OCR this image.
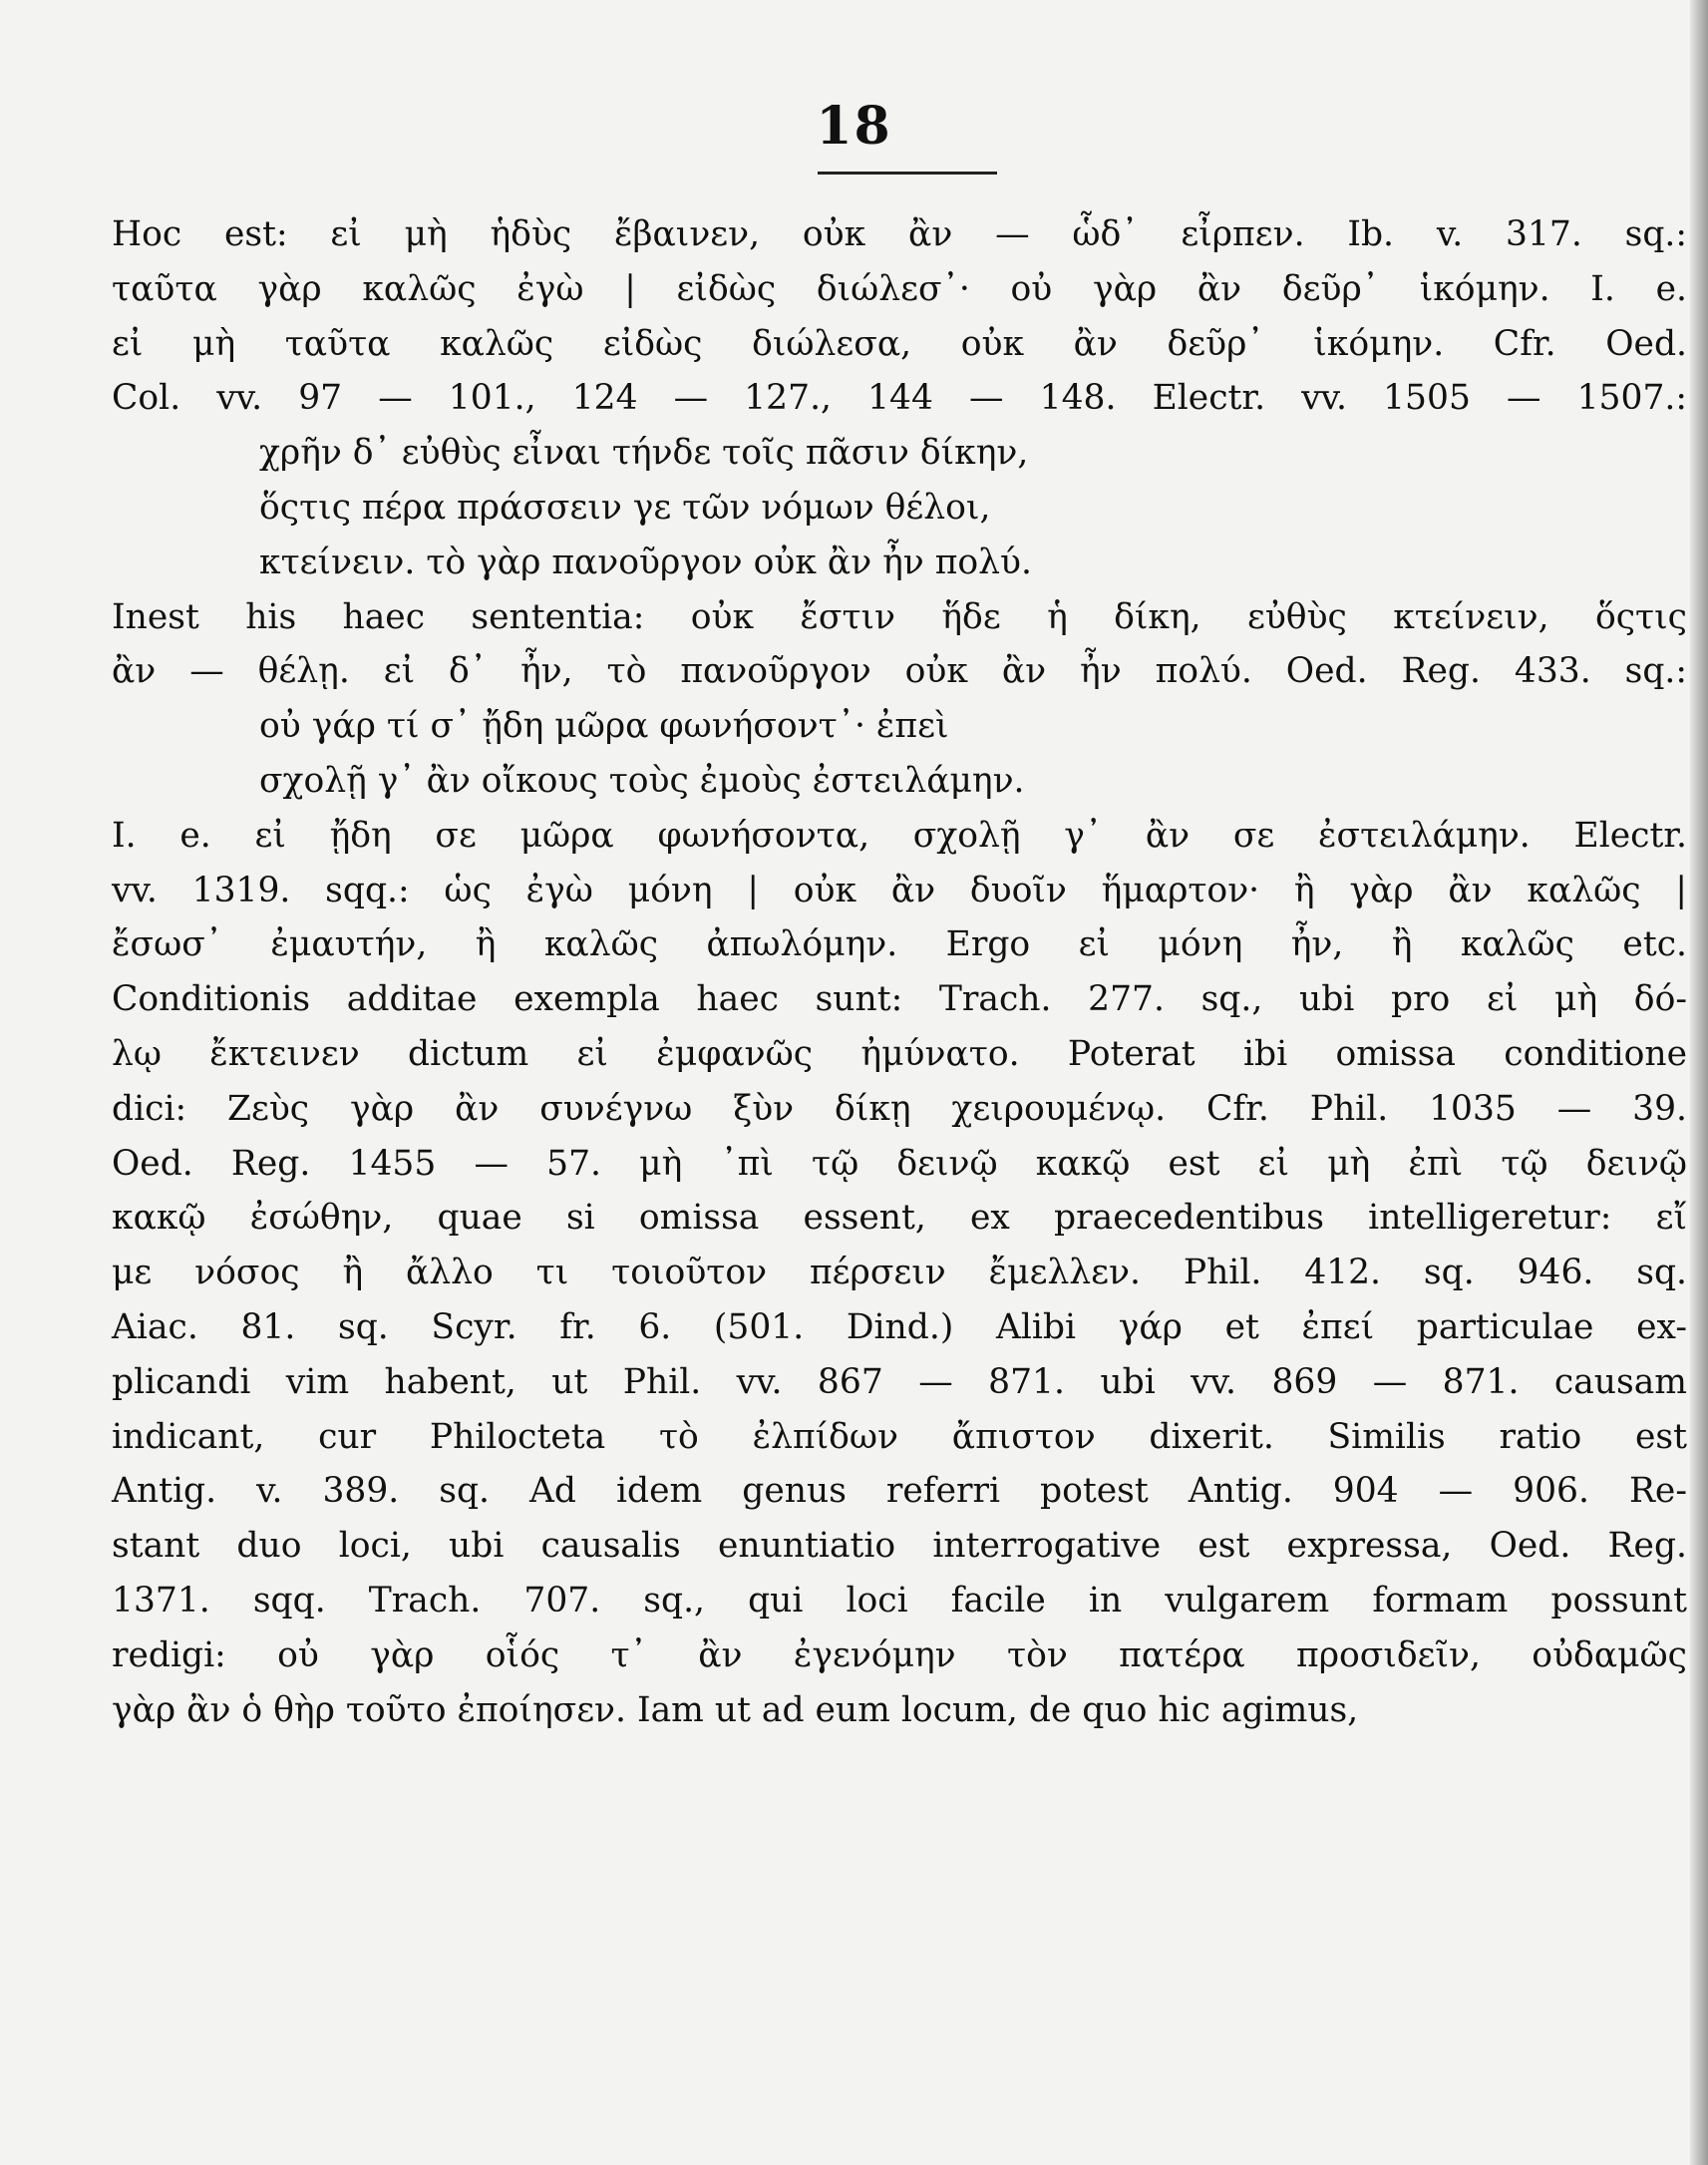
18
Hoc est: εἰ μὴ ἡδὺς ἔβαινεν, οὐκ ἂν — ὧδ᾽ εἶρπεν. Ib. v. 317. sq.:
ταῦτα γὰρ καλῶς ἐγὼ | εἰδὼς διώλεσ᾽· οὐ γὰρ ἂν δεῦρ᾽ ἱκόμην. I. e.
εἰ μὴ ταῦτα καλῶς εἰδὼς διώλεσα, οὐκ ἂν δεῦρ᾽ ἱκόμην. Cfr. Oed.
Col. vv. 97 — 101., 124 — 127., 144 — 148. Electr. vv. 1505 — 1507.:
χρῆν δ᾽ εὐθὺς εἶναι τήνδε τοῖς πᾶσιν δίκην,
ὅςτις πέρα πράσσειν γε τῶν νόμων θέλοι,
κτείνειν. τὸ γὰρ πανοῦργον οὐκ ἂν ἦν πολύ.
Inest his haec sententia: οὐκ ἔστιν ἥδε ἡ δίκη, εὐθὺς κτείνειν, ὅςτις
ἂν — θέλῃ. εἰ δ᾽ ἦν, τὸ πανοῦργον οὐκ ἂν ἦν πολύ. Oed. Reg. 433. sq.:
οὐ γάρ τί σ᾽ ᾔδη μῶρα φωνήσοντ᾽· ἐπεὶ
σχολῇ γ᾽ ἂν οἴκους τοὺς ἐμοὺς ἐστειλάμην.
I. e. εἰ ᾔδη σε μῶρα φωνήσοντα, σχολῇ γ᾽ ἂν σε ἐστειλάμην. Electr.
vv. 1319. sqq.: ὡς ἐγὼ μόνη | οὐκ ἂν δυοῖν ἥμαρτον· ἢ γὰρ ἂν καλῶς |
ἔσωσ᾽ ἐμαυτήν, ἢ καλῶς ἀπωλόμην. Ergo εἰ μόνη ἦν, ἢ καλῶς etc.
Conditionis additae exempla haec sunt: Trach. 277. sq., ubi pro εἰ μὴ δό-
λῳ ἔκτεινεν dictum εἰ ἐμφανῶς ἠμύνατο. Poterat ibi omissa conditione
dici: Ζεὺς γὰρ ἂν συνέγνω ξὺν δίκῃ χειρουμένῳ. Cfr. Phil. 1035 — 39.
Oed. Reg. 1455 — 57. μὴ ᾽πὶ τῷ δεινῷ κακῷ est εἰ μὴ ἐπὶ τῷ δεινῷ
κακῷ ἐσώθην, quae si omissa essent, ex praecedentibus intelligeretur: εἴ
με νόσος ἢ ἄλλο τι τοιοῦτον πέρσειν ἔμελλεν. Phil. 412. sq. 946. sq.
Aiac. 81. sq. Scyr. fr. 6. (501. Dind.) Alibi γάρ et ἐπεί particulae ex-
plicandi vim habent, ut Phil. vv. 867 — 871. ubi vv. 869 — 871. causam
indicant, cur Philocteta τὸ ἐλπίδων ἄπιστον dixerit. Similis ratio est
Antig. v. 389. sq. Ad idem genus referri potest Antig. 904 — 906. Re-
stant duo loci, ubi causalis enuntiatio interrogative est expressa, Oed. Reg.
1371. sqq. Trach. 707. sq., qui loci facile in vulgarem formam possunt
redigi: οὐ γὰρ οἷός τ᾽ ἂν ἐγενόμην τὸν πατέρα προσιδεῖν, οὐδαμῶς
γὰρ ἂν ὁ θὴρ τοῦτο ἐποίησεν. Iam ut ad eum locum, de quo hic agimus,
